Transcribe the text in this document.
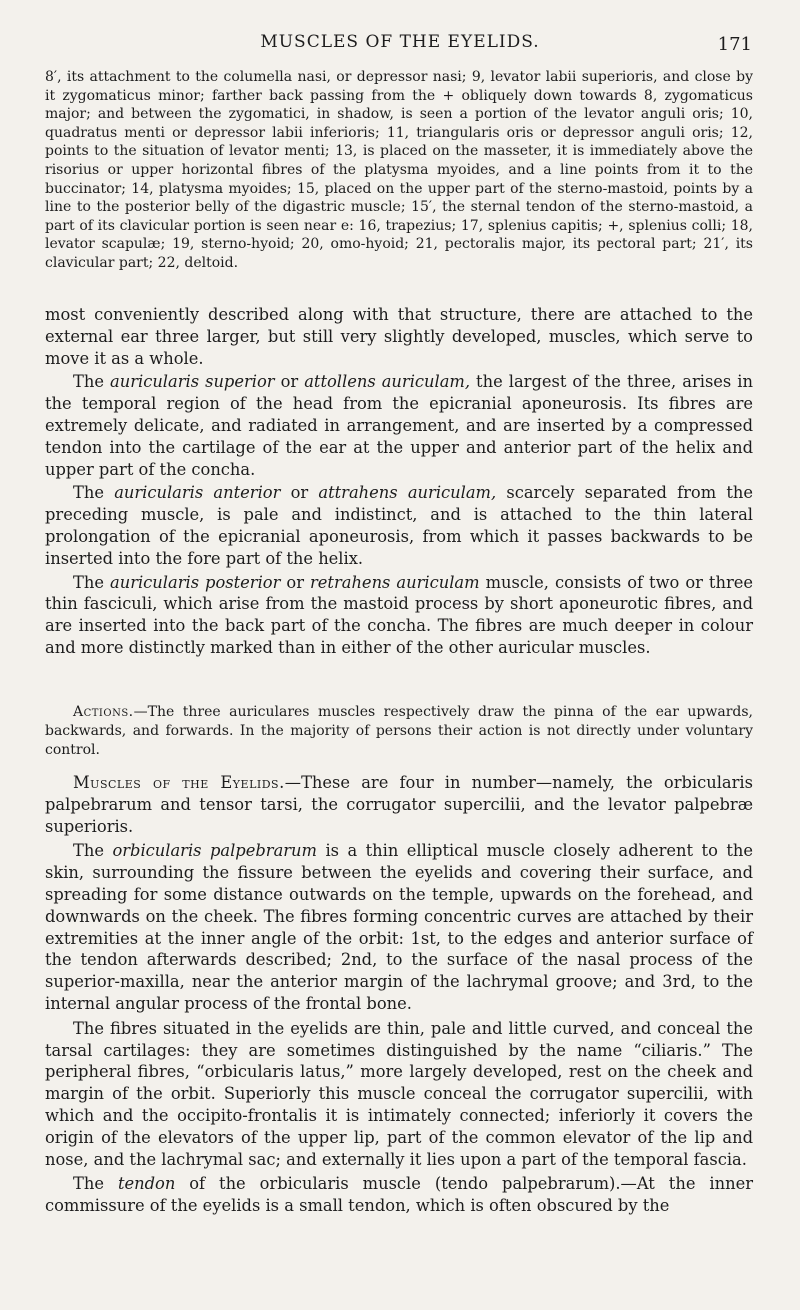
MUSCLES OF THE EYELIDS.	171

8′, its attachment to the columella nasi, or depressor nasi; 9, levator labii superioris, and close by it zygomaticus minor; farther back passing from the + obliquely down towards 8, zygomaticus major; and between the zygomatici, in shadow, is seen a portion of the levator anguli oris; 10, quadratus menti or depressor labii inferioris; 11, triangularis oris or depressor anguli oris; 12, points to the situation of levator menti; 13, is placed on the masseter, it is immediately above the risorius or upper horizontal fibres of the platysma myoides, and a line points from it to the buccinator; 14, platysma myoides; 15, placed on the upper part of the sterno-mastoid, points by a line to the posterior belly of the digastric muscle; 15′, the sternal tendon of the sterno-mastoid, a part of its clavicular portion is seen near e: 16, trapezius; 17, splenius capitis; +, splenius colli; 18, levator scapulæ; 19, sterno-hyoid; 20, omo-hyoid; 21, pectoralis major, its pectoral part; 21′, its clavicular part; 22, deltoid.

most conveniently described along with that structure, there are attached to the external ear three larger, but still very slightly developed, muscles, which serve to move it as a whole.

The auricularis superior or attollens auriculam, the largest of the three, arises in the temporal region of the head from the epicranial aponeurosis. Its fibres are extremely delicate, and radiated in arrangement, and are inserted by a compressed tendon into the cartilage of the ear at the upper and anterior part of the helix and upper part of the concha.

The auricularis anterior or attrahens auriculam, scarcely separated from the preceding muscle, is pale and indistinct, and is attached to the thin lateral prolongation of the epicranial aponeurosis, from which it passes backwards to be inserted into the fore part of the helix.

The auricularis posterior or retrahens auriculam muscle, consists of two or three thin fasciculi, which arise from the mastoid process by short aponeurotic fibres, and are inserted into the back part of the concha. The fibres are much deeper in colour and more distinctly marked than in either of the other auricular muscles.

Actions.—The three auriculares muscles respectively draw the pinna of the ear upwards, backwards, and forwards. In the majority of persons their action is not directly under voluntary control.

Muscles of the Eyelids.—These are four in number—namely, the orbicularis palpebrarum and tensor tarsi, the corrugator supercilii, and the levator palpebræ superioris.

The orbicularis palpebrarum is a thin elliptical muscle closely adherent to the skin, surrounding the fissure between the eyelids and covering their surface, and spreading for some distance outwards on the temple, upwards on the forehead, and downwards on the cheek. The fibres forming concentric curves are attached by their extremities at the inner angle of the orbit: 1st, to the edges and anterior surface of the tendon afterwards described; 2nd, to the surface of the nasal process of the superior-maxilla, near the anterior margin of the lachrymal groove; and 3rd, to the internal angular process of the frontal bone.

The fibres situated in the eyelids are thin, pale and little curved, and conceal the tarsal cartilages: they are sometimes distinguished by the name “ciliaris.” The peripheral fibres, “orbicularis latus,” more largely developed, rest on the cheek and margin of the orbit. Superiorly this muscle conceal the corrugator supercilii, with which and the occipito-frontalis it is intimately connected; inferiorly it covers the origin of the elevators of the upper lip, part of the common elevator of the lip and nose, and the lachrymal sac; and externally it lies upon a part of the temporal fascia.

The tendon of the orbicularis muscle (tendo palpebrarum).—At the inner commissure of the eyelids is a small tendon, which is often obscured by the
